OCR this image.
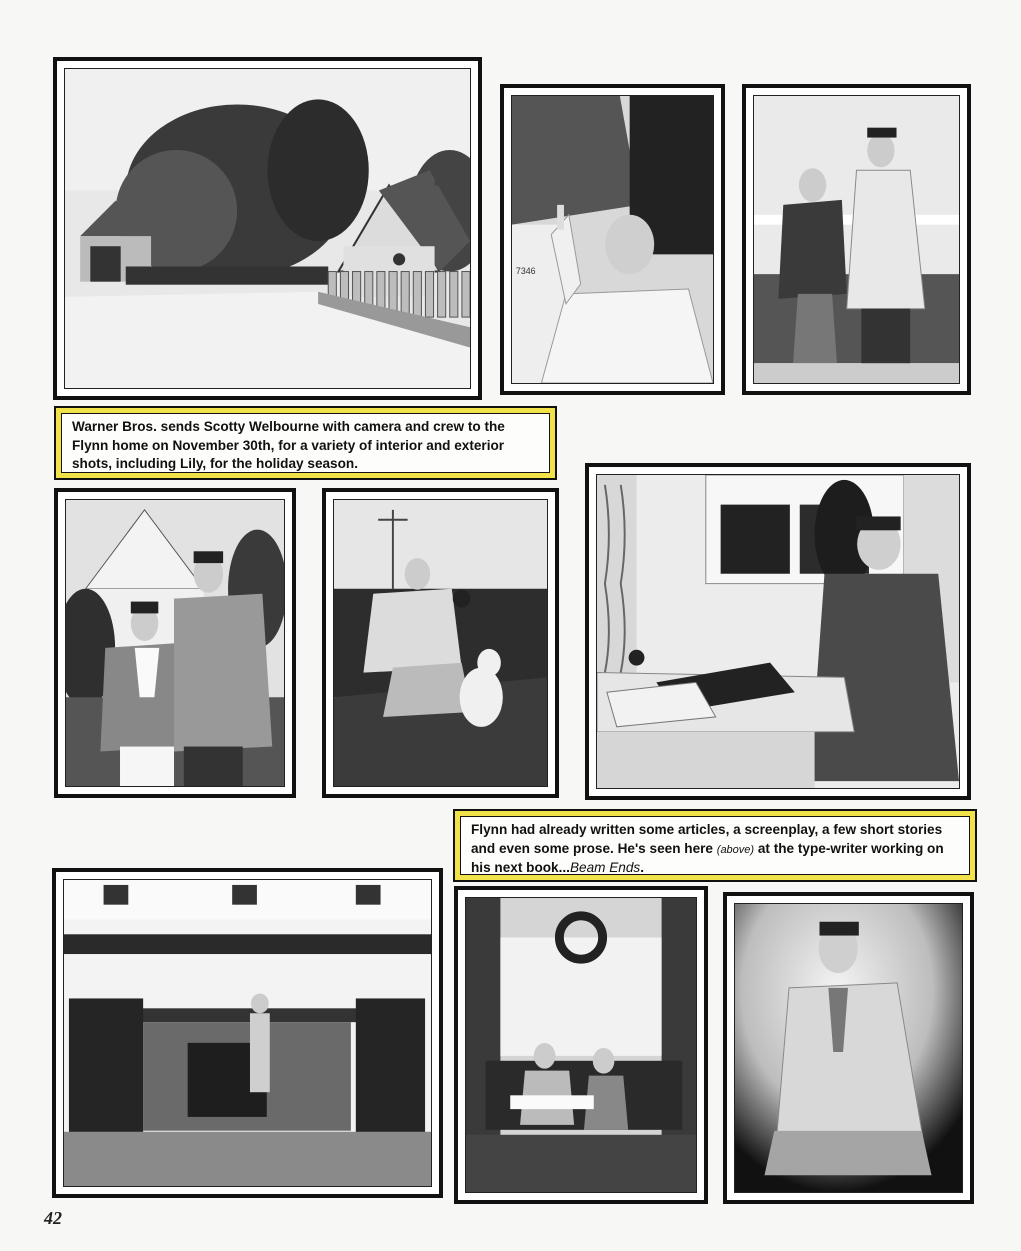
7346
Warner Bros. sends Scotty Welbourne with camera and crew to the Flynn home on November 30th, for a variety of interior and exterior shots, including Lily, for the holiday season.
Flynn had already written some articles, a screenplay, a few short stories and even some prose. He's seen here (above) at the type-writer working on his next book...Beam Ends.
42
